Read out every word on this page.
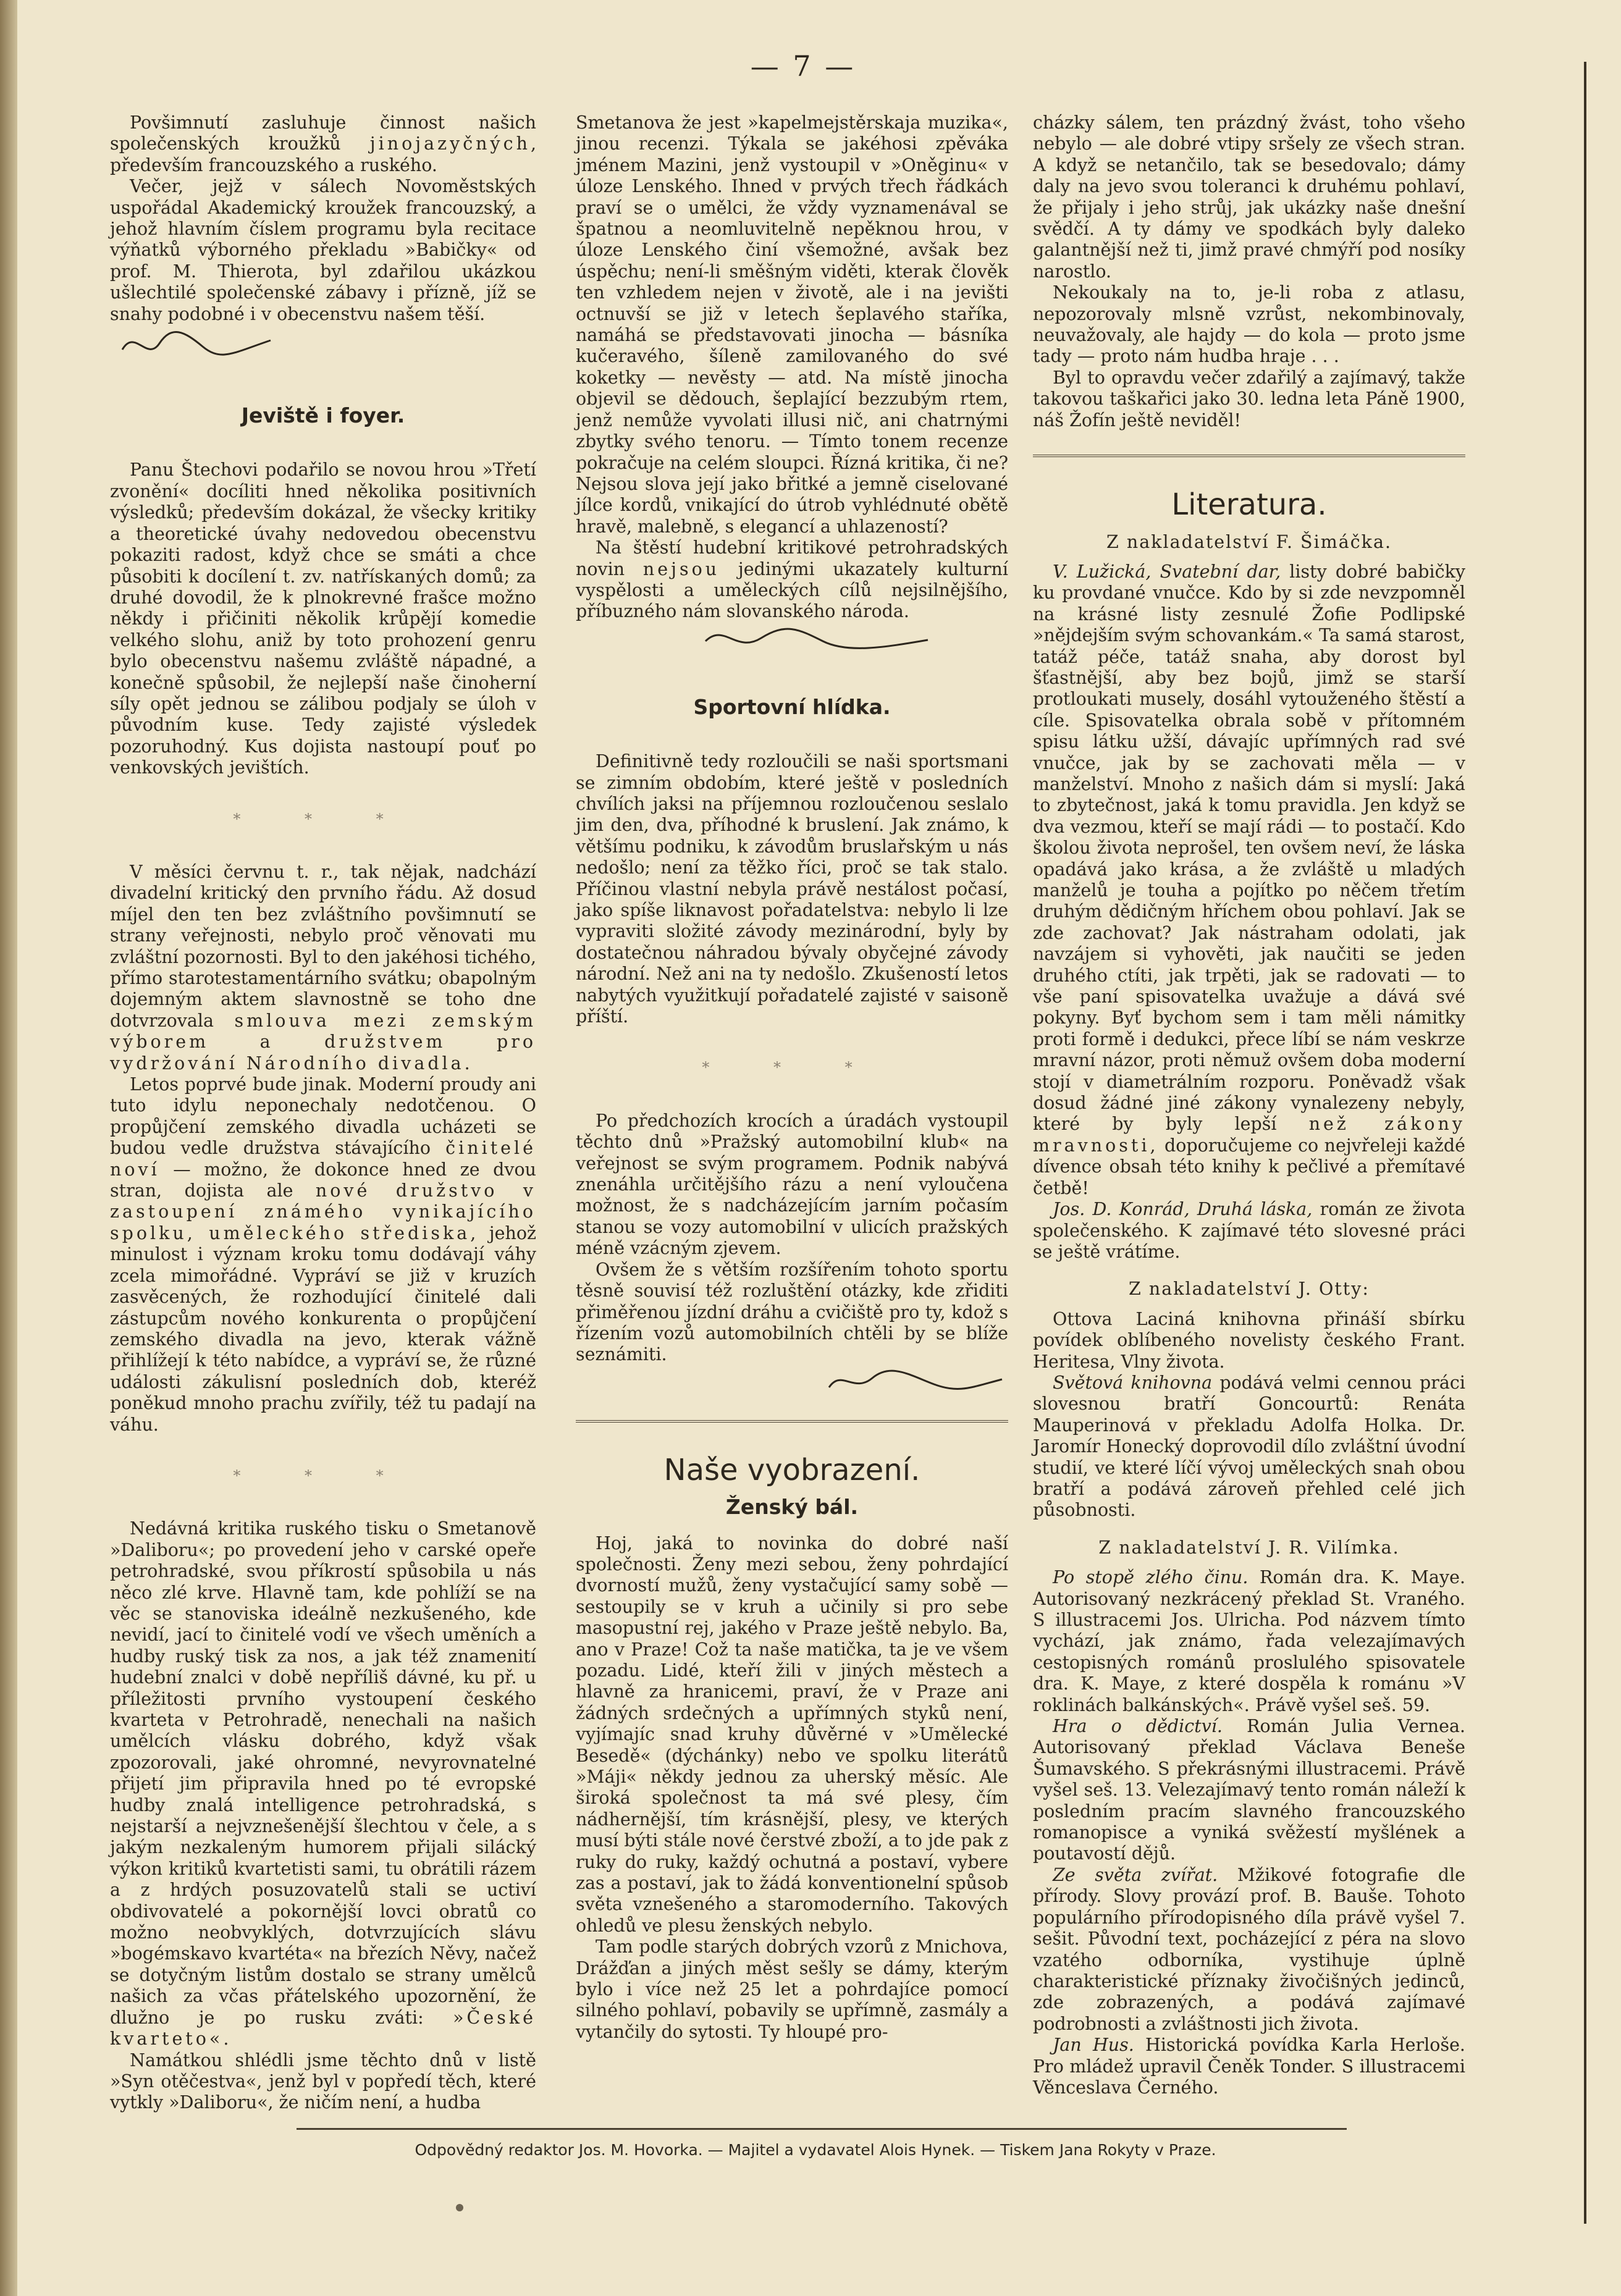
— 7 —

Povšimnutí zasluhuje činnost našich společenských kroužků jinojazyčných, především francouzského a ruského.

Večer, jejž v sálech Novoměstských uspořádal Akademický kroužek francouzský, a jehož hlavním číslem programu byla recitace výňatků výborného překladu »Babičky« od prof. M. Thierota, byl zdařilou ukázkou ušlechtilé společenské zábavy i přízně, jíž se snahy podobné i v obecenstvu našem těší.

Jeviště i foyer.

Panu Štechovi podařilo se novou hrou »Třetí zvonění« docíliti hned několika positivních výsledků; především dokázal, že všecky kritiky a theoretické úvahy nedovedou obecenstvu pokaziti radost, když chce se smáti a chce působiti k docílení t. zv. natřískaných domů; za druhé dovodil, že k plnokrevné frašce možno někdy i přičiniti několik krůpějí komedie velkého slohu, aniž by toto prohození genru bylo obecenstvu našemu zvláště nápadné, a konečně spůsobil, že nejlepší naše činoherní síly opět jednou se zálibou podjaly se úloh v původním kuse. Tedy zajisté výsledek pozoruhodný. Kus dojista nastoupí pouť po venkovských jevištích.

* * *

V měsíci červnu t. r., tak nějak, nadchází divadelní kritický den prvního řádu. Až dosud míjel den ten bez zvláštního povšimnutí se strany veřejnosti, nebylo proč věnovati mu zvláštní pozornosti. Byl to den jakéhosi tichého, přímo starotestamentárního svátku; obapolným dojemným aktem slavnostně se toho dne dotvrzovala smlouva mezi zemským výborem a družstvem pro vydržování Národního divadla.

Letos poprvé bude jinak. Moderní proudy ani tuto idylu neponechaly nedotčenou. O propůjčení zemského divadla ucházeti se budou vedle družstva stávajícího činitelé noví — možno, že dokonce hned ze dvou stran, dojista ale nové družstvo v zastoupení známého vynikajícího spolku, uměleckého střediska, jehož minulost i význam kroku tomu dodávají váhy zcela mimořádné. Vypráví se již v kruzích zasvěcených, že rozhodující činitelé dali zástupcům nového konkurenta o propůjčení zemského divadla na jevo, kterak vážně přihlížejí k této nabídce, a vypráví se, že různé události zákulisní posledních dob, kteréž poněkud mnoho prachu zvířily, též tu padají na váhu.

* * *

Nedávná kritika ruského tisku o Smetanově »Daliboru«; po provedení jeho v carské opeře petrohradské, svou příkrostí spůsobila u nás něco zlé krve. Hlavně tam, kde pohlíží se na věc se stanoviska ideálně nezkušeného, kde nevidí, jací to činitelé vodí ve všech uměních a hudby ruský tisk za nos, a jak též znamenití hudební znalci v době nepříliš dávné, ku př. u příležitosti prvního vystoupení českého kvarteta v Petrohradě, nenechali na našich umělcích vlásku dobrého, když však zpozorovali, jaké ohromné, nevyrovnatelné přijetí jim připravila hned po té evropské hudby znalá intelligence petrohradská, s nejstarší a nejvznešenější šlechtou v čele, a s jakým nezkaleným humorem přijali silácký výkon kritiků kvartetisti sami, tu obrátili rázem a z hrdých posuzovatelů stali se uctiví obdivovatelé a pokornější lovci obratů co možno neobvyklých, dotvrzujících slávu »bogémskavo kvartéta« na březích Něvy, načež se dotyčným listům dostalo se strany umělců našich za včas přátelského upozornění, že dlužno je po rusku zváti: »České kvarteto«.

Namátkou shlédli jsme těchto dnů v listě »Syn otěčestva«, jenž byl v popředí těch, které vytkly »Daliboru«, že ničím není, a hudba

Smetanova že jest »kapelmejstěrskaja muzika«, jinou recenzi. Týkala se jakéhosi zpěváka jménem Mazini, jenž vystoupil v »Oněginu« v úloze Lenského. Ihned v prvých třech řádkách praví se o umělci, že vždy vyznamenával se špatnou a neomluvitelně nepěknou hrou, v úloze Lenského činí všemožné, avšak bez úspěchu; není-li směšným viděti, kterak člověk ten vzhledem nejen v životě, ale i na jevišti octnuvší se již v letech šeplavého staříka, namáhá se představovati jinocha — básníka kučeravého, šíleně zamilovaného do své koketky — nevěsty — atd. Na místě jinocha objevil se dědouch, šeplající bezzubým rtem, jenž nemůže vyvolati illusi nič, ani chatrnými zbytky svého tenoru. — Tímto tonem recenze pokračuje na celém sloupci. Řízná kritika, či ne? Nejsou slova její jako břitké a jemně ciselované jílce kordů, vnikající do útrob vyhlédnuté obětě hravě, malebně, s elegancí a uhlazeností?

Na štěstí hudební kritikové petrohradských novin nejsou jedinými ukazately kulturní vyspělosti a uměleckých cílů nejsilnějšího, příbuzného nám slovanského národa.

Sportovní hlídka.

Definitivně tedy rozloučili se naši sportsmani se zimním obdobím, které ještě v posledních chvílích jaksi na příjemnou rozloučenou seslalo jim den, dva, příhodné k bruslení. Jak známo, k většímu podniku, k závodům bruslařským u nás nedošlo; není za těžko říci, proč se tak stalo. Příčinou vlastní nebyla právě nestálost počasí, jako spíše liknavost pořadatelstva: nebylo li lze vypraviti složité závody mezinárodní, byly by dostatečnou náhradou bývaly obyčejné závody národní. Než ani na ty nedošlo. Zkušeností letos nabytých využitkují pořadatelé zajisté v saisoně příští.

* * *

Po předchozích krocích a úradách vystoupil těchto dnů »Pražský automobilní klub« na veřejnost se svým programem. Podnik nabývá znenáhla určitějšího rázu a není vyloučena možnost, že s nadcházejícím jarním počasím stanou se vozy automobilní v ulicích pražských méně vzácným zjevem.

Ovšem že s větším rozšířením tohoto sportu těsně souvisí též rozluštění otázky, kde zřiditi přiměřenou jízdní dráhu a cvičiště pro ty, kdož s řízením vozů automobilních chtěli by se blíže seznámiti.

Naše vyobrazení.
Ženský bál.

Hoj, jaká to novinka do dobré naší společnosti. Ženy mezi sebou, ženy pohrdající dvorností mužů, ženy vystačující samy sobě — sestoupily se v kruh a učinily si pro sebe masopustní rej, jakého v Praze ještě nebylo. Ba, ano v Praze! Což ta naše matička, ta je ve všem pozadu. Lidé, kteří žili v jiných městech a hlavně za hranicemi, praví, že v Praze ani žádných srdečných a upřímných styků není, vyjímajíc snad kruhy důvěrné v »Umělecké Besedě« (dýchánky) nebo ve spolku literátů »Máji« někdy jednou za uherský měsíc. Ale široká společnost ta má své plesy, čím nádhernější, tím krásnější, plesy, ve kterých musí býti stále nové čerstvé zboží, a to jde pak z ruky do ruky, každý ochutná a postaví, vybere zas a postaví, jak to žádá konventionelní spůsob světa vznešeného a staromoderního. Takových ohledů ve plesu ženských nebylo.

Tam podle starých dobrých vzorů z Mnichova, Drážďan a jiných měst sešly se dámy, kterým bylo i více než 25 let a pohrdajíce pomocí silného pohlaví, pobavily se upřímně, zasmály a vytančily do sytosti. Ty hloupé pro-

cházky sálem, ten prázdný žvást, toho všeho nebylo — ale dobré vtipy sršely ze všech stran. A když se netančilo, tak se besedovalo; dámy daly na jevo svou toleranci k druhému pohlaví, že přijaly i jeho strůj, jak ukázky naše dnešní svědčí. A ty dámy ve spodkách byly daleko galantnější než ti, jimž pravé chmýří pod nosíky narostlo.

Nekoukaly na to, je-li roba z atlasu, nepozorovaly mlsně vzrůst, nekombinovaly, neuvažovaly, ale hajdy — do kola — proto jsme tady — proto nám hudba hraje . . .

Byl to opravdu večer zdařilý a zajímavý, takže takovou taškařici jako 30. ledna leta Páně 1900, náš Žofín ještě neviděl!

Literatura.
Z nakladatelství F. Šimáčka.

V. Lužická, Svatební dar, listy dobré babičky ku provdané vnučce. Kdo by si zde nevzpomněl na krásné listy zesnulé Žofie Podlipské »nějdejším svým schovankám.« Ta samá starost, tatáž péče, tatáž snaha, aby dorost byl šťastnější, aby bez bojů, jimž se starší protloukati musely, dosáhl vytouženého štěstí a cíle. Spisovatelka obrala sobě v přítomném spisu látku užší, dávajíc upřímných rad své vnučce, jak by se zachovati měla — v manželství. Mnoho z našich dám si myslí: Jaká to zbytečnost, jaká k tomu pravidla. Jen když se dva vezmou, kteří se mají rádi — to postačí. Kdo školou života neprošel, ten ovšem neví, že láska opadává jako krása, a že zvláště u mladých manželů je touha a pojítko po něčem třetím druhým dědičným hříchem obou pohlaví. Jak se zde zachovat? Jak nástraham odolati, jak navzájem si vyhověti, jak naučiti se jeden druhého ctíti, jak trpěti, jak se radovati — to vše paní spisovatelka uvažuje a dává své pokyny. Byť bychom sem i tam měli námitky proti formě i dedukci, přece líbí se nám veskrze mravní názor, proti němuž ovšem doba moderní stojí v diametrálním rozporu. Poněvadž však dosud žádné jiné zákony vynalezeny nebyly, které by byly lepší než zákony mravnosti, doporučujeme co nejvřeleji každé dívence obsah této knihy k pečlivé a přemítavé četbě!

Jos. D. Konrád, Druhá láska, román ze života společenského. K zajímavé této slovesné práci se ještě vrátíme.

Z nakladatelství J. Otty:

Ottova Laciná knihovna přináší sbírku povídek oblíbeného novelisty českého Frant. Heritesa, Vlny života.

Světová knihovna podává velmi cennou práci slovesnou bratří Goncourtů: Renáta Mauperinová v překladu Adolfa Holka. Dr. Jaromír Honecký doprovodil dílo zvláštní úvodní studií, ve které líčí vývoj uměleckých snah obou bratří a podává zároveň přehled celé jich působnosti.

Z nakladatelství J. R. Vilímka.

Po stopě zlého činu. Román dra. K. Maye. Autorisovaný nezkrácený překlad St. Vraného. S illustracemi Jos. Ulricha. Pod názvem tímto vychází, jak známo, řada velezajímavých cestopisných románů proslulého spisovatele dra. K. Maye, z které dospěla k románu »V roklinách balkánských«. Právě vyšel seš. 59.

Hra o dědictví. Román Julia Vernea. Autorisovaný překlad Václava Beneše Šumavského. S překrásnými illustracemi. Právě vyšel seš. 13. Velezajímavý tento román náleží k posledním pracím slavného francouzského romanopisce a vyniká svěžestí myšlének a poutavostí dějů.

Ze světa zvířat. Mžikové fotografie dle přírody. Slovy provází prof. B. Bauše. Tohoto populárního přírodopisného díla právě vyšel 7. sešit. Původní text, pocházející z péra na slovo vzatého odborníka, vystihuje úplně charakteristické příznaky živočišných jedinců, zde zobrazených, a podává zajímavé podrobnosti a zvláštnosti jich života.

Jan Hus. Historická povídka Karla Herloše. Pro mládež upravil Čeněk Tonder. S illustracemi Věnceslava Černého.

Odpovědný redaktor Jos. M. Hovorka. — Majitel a vydavatel Alois Hynek. — Tiskem Jana Rokyty v Praze.
